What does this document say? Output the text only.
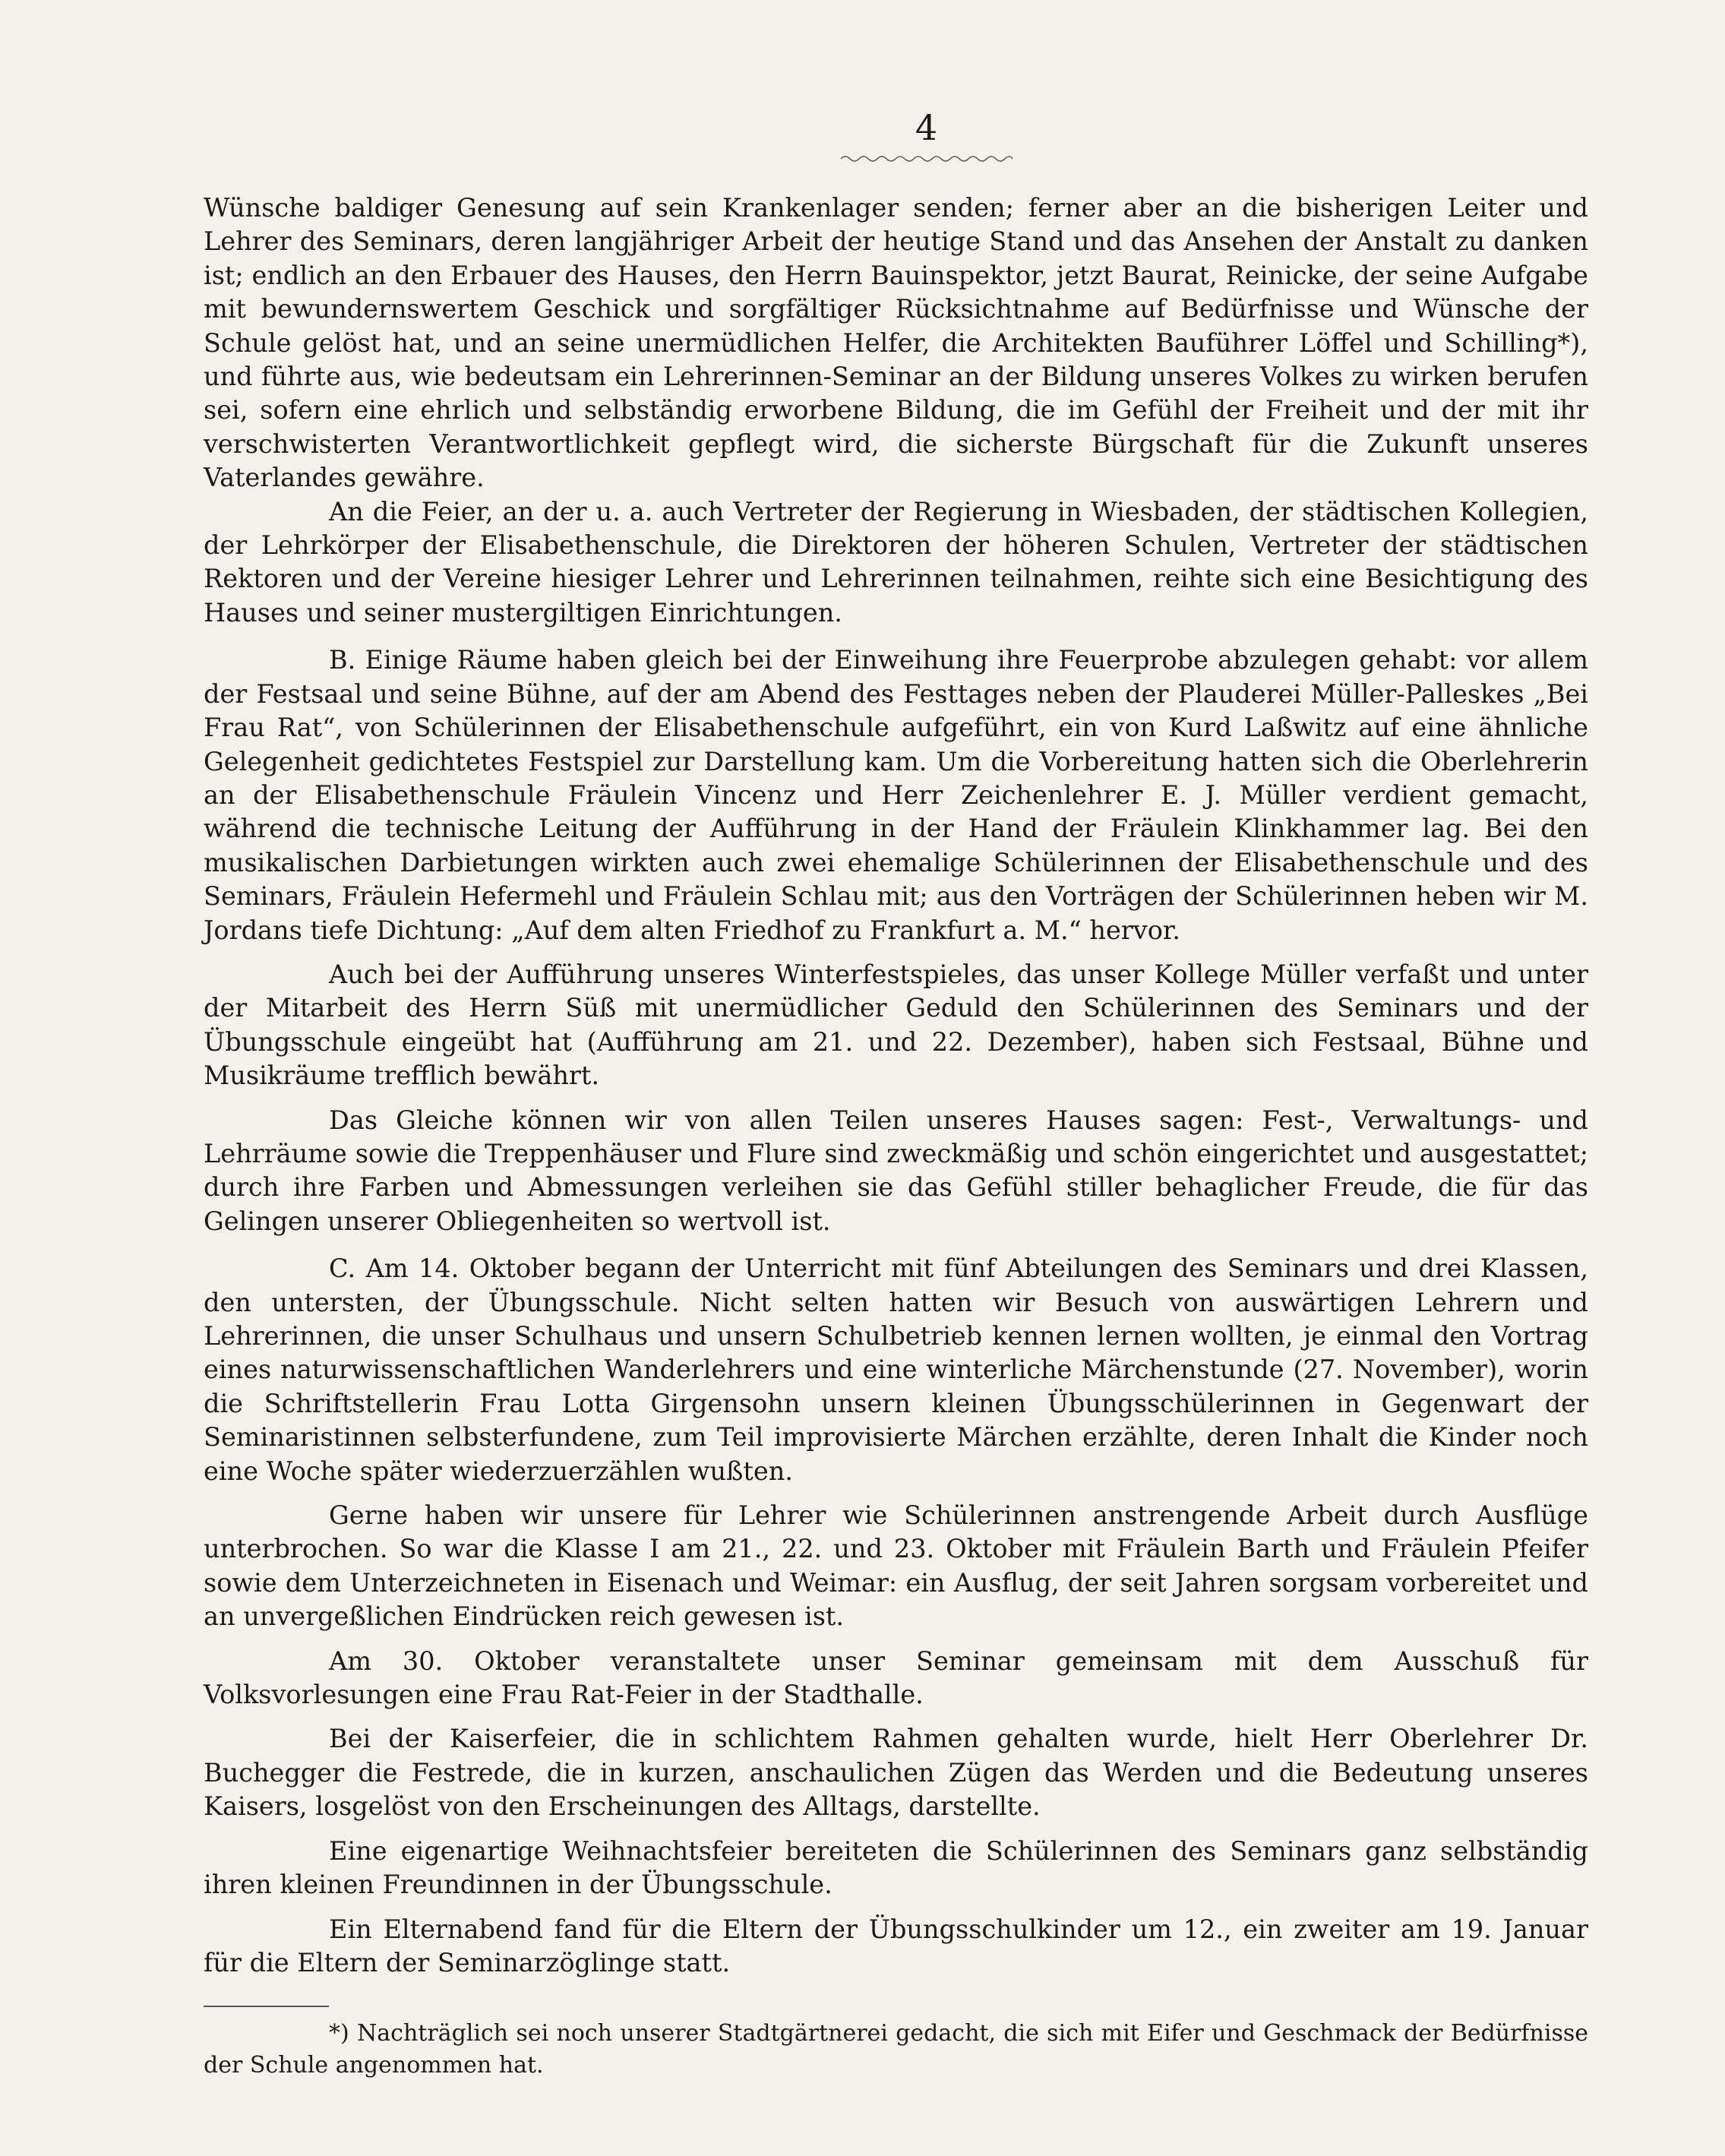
4

Wünsche baldiger Genesung auf sein Krankenlager senden; ferner aber an die bisherigen Leiter und Lehrer des Seminars, deren langjähriger Arbeit der heutige Stand und das Ansehen der Anstalt zu danken ist; endlich an den Erbauer des Hauses, den Herrn Bauinspektor, jetzt Baurat, Reinicke, der seine Aufgabe mit bewundernswertem Geschick und sorgfältiger Rücksichtnahme auf Bedürfnisse und Wünsche der Schule gelöst hat, und an seine unermüdlichen Helfer, die Architekten Bauführer Löffel und Schilling*), und führte aus, wie bedeutsam ein Lehrerinnen-Seminar an der Bildung unseres Volkes zu wirken berufen sei, sofern eine ehrlich und selbständig erworbene Bildung, die im Gefühl der Freiheit und der mit ihr verschwisterten Verantwortlichkeit gepflegt wird, die sicherste Bürgschaft für die Zukunft unseres Vaterlandes gewähre.

An die Feier, an der u. a. auch Vertreter der Regierung in Wiesbaden, der städtischen Kollegien, der Lehrkörper der Elisabethenschule, die Direktoren der höheren Schulen, Vertreter der städtischen Rektoren und der Vereine hiesiger Lehrer und Lehrerinnen teilnahmen, reihte sich eine Besichtigung des Hauses und seiner mustergiltigen Einrichtungen.

B. Einige Räume haben gleich bei der Einweihung ihre Feuerprobe abzulegen gehabt: vor allem der Festsaal und seine Bühne, auf der am Abend des Festtages neben der Plauderei Müller-Palleskes „Bei Frau Rat“, von Schülerinnen der Elisabethenschule aufgeführt, ein von Kurd Laßwitz auf eine ähnliche Gelegenheit gedichtetes Festspiel zur Darstellung kam. Um die Vorbereitung hatten sich die Oberlehrerin an der Elisabethenschule Fräulein Vincenz und Herr Zeichenlehrer E. J. Müller verdient gemacht, während die technische Leitung der Aufführung in der Hand der Fräulein Klinkhammer lag. Bei den musikalischen Darbietungen wirkten auch zwei ehemalige Schülerinnen der Elisabethenschule und des Seminars, Fräulein Hefermehl und Fräulein Schlau mit; aus den Vorträgen der Schülerinnen heben wir M. Jordans tiefe Dichtung: „Auf dem alten Friedhof zu Frankfurt a. M.“ hervor.

Auch bei der Aufführung unseres Winterfestspieles, das unser Kollege Müller verfaßt und unter der Mitarbeit des Herrn Süß mit unermüdlicher Geduld den Schülerinnen des Seminars und der Übungsschule eingeübt hat (Aufführung am 21. und 22. Dezember), haben sich Festsaal, Bühne und Musikräume trefflich bewährt.

Das Gleiche können wir von allen Teilen unseres Hauses sagen: Fest-, Verwaltungs- und Lehrräume sowie die Treppenhäuser und Flure sind zweckmäßig und schön eingerichtet und ausgestattet; durch ihre Farben und Abmessungen verleihen sie das Gefühl stiller behaglicher Freude, die für das Gelingen unserer Obliegenheiten so wertvoll ist.

C. Am 14. Oktober begann der Unterricht mit fünf Abteilungen des Seminars und drei Klassen, den untersten, der Übungsschule. Nicht selten hatten wir Besuch von auswärtigen Lehrern und Lehrerinnen, die unser Schulhaus und unsern Schulbetrieb kennen lernen wollten, je einmal den Vortrag eines naturwissenschaftlichen Wanderlehrers und eine winterliche Märchenstunde (27. November), worin die Schriftstellerin Frau Lotta Girgensohn unsern kleinen Übungsschülerinnen in Gegenwart der Seminaristinnen selbsterfundene, zum Teil improvisierte Märchen erzählte, deren Inhalt die Kinder noch eine Woche später wiederzuerzählen wußten.

Gerne haben wir unsere für Lehrer wie Schülerinnen anstrengende Arbeit durch Ausflüge unterbrochen. So war die Klasse I am 21., 22. und 23. Oktober mit Fräulein Barth und Fräulein Pfeifer sowie dem Unterzeichneten in Eisenach und Weimar: ein Ausflug, der seit Jahren sorgsam vorbereitet und an unvergeßlichen Eindrücken reich gewesen ist.

Am 30. Oktober veranstaltete unser Seminar gemeinsam mit dem Ausschuß für Volksvorlesungen eine Frau Rat-Feier in der Stadthalle.

Bei der Kaiserfeier, die in schlichtem Rahmen gehalten wurde, hielt Herr Oberlehrer Dr. Buchegger die Festrede, die in kurzen, anschaulichen Zügen das Werden und die Bedeutung unseres Kaisers, losgelöst von den Erscheinungen des Alltags, darstellte.

Eine eigenartige Weihnachtsfeier bereiteten die Schülerinnen des Seminars ganz selbständig ihren kleinen Freundinnen in der Übungsschule.

Ein Elternabend fand für die Eltern der Übungsschulkinder um 12., ein zweiter am 19. Januar für die Eltern der Seminarzöglinge statt.

*) Nachträglich sei noch unserer Stadtgärtnerei gedacht, die sich mit Eifer und Geschmack der Bedürfnisse der Schule angenommen hat.
